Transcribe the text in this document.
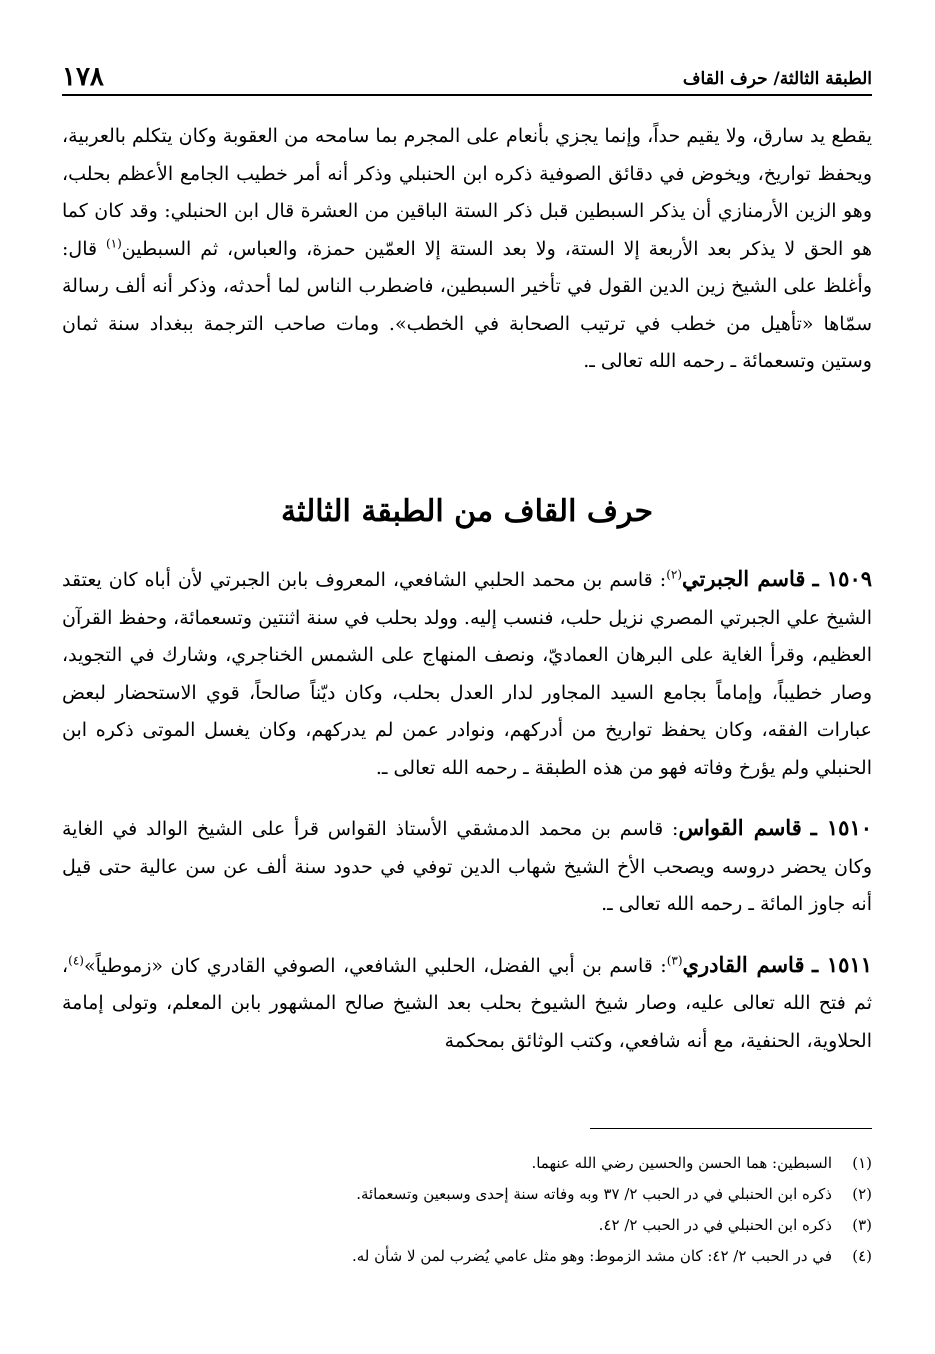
الطبقة الثالثة/ حرف القاف
١٧٨

يقطع يد سارق، ولا يقيم حداً، وإنما يجزي بأنعام على المجرم بما سامحه من العقوبة وكان يتكلم بالعربية، ويحفظ تواريخ، ويخوض في دقائق الصوفية ذكره ابن الحنبلي وذكر أنه أمر خطيب الجامع الأعظم بحلب، وهو الزين الأرمنازي أن يذكر السبطين قبل ذكر الستة الباقين من العشرة قال ابن الحنبلي: وقد كان كما هو الحق لا يذكر بعد الأربعة إلا الستة، ولا بعد الستة إلا العمّين حمزة، والعباس، ثم السبطين$^{(١)}$ قال: وأغلظ على الشيخ زين الدين القول في تأخير السبطين، فاضطرب الناس لما أحدثه، وذكر أنه ألف رسالة سمّاها «تأهيل من خطب في ترتيب الصحابة في الخطب». ومات صاحب الترجمة ببغداد سنة ثمان وستين وتسعمائة ـ رحمه الله تعالى ـ.

حرف القاف من الطبقة الثالثة

١٥٠٩ ـ قاسم الجبرتي$^{(٢)}$: قاسم بن محمد الحلبي الشافعي، المعروف بابن الجبرتي لأن أباه كان يعتقد الشيخ علي الجبرتي المصري نزيل حلب، فنسب إليه. وولد بحلب في سنة اثنتين وتسعمائة، وحفظ القرآن العظيم، وقرأ الغاية على البرهان العماديّ، ونصف المنهاج على الشمس الخناجري، وشارك في التجويد، وصار خطيباً، وإماماً بجامع السيد المجاور لدار العدل بحلب، وكان ديّناً صالحاً، قوي الاستحضار لبعض عبارات الفقه، وكان يحفظ تواريخ من أدركهم، ونوادر عمن لم يدركهم، وكان يغسل الموتى ذكره ابن الحنبلي ولم يؤرخ وفاته فهو من هذه الطبقة ـ رحمه الله تعالى ـ.

١٥١٠ ـ قاسم القواس: قاسم بن محمد الدمشقي الأستاذ القواس قرأ على الشيخ الوالد في الغاية وكان يحضر دروسه ويصحب الأخ الشيخ شهاب الدين توفي في حدود سنة ألف عن سن عالية حتى قيل أنه جاوز المائة ـ رحمه الله تعالى ـ.

١٥١١ ـ قاسم القادري$^{(٣)}$: قاسم بن أبي الفضل، الحلبي الشافعي، الصوفي القادري كان «زموطياً»$^{(٤)}$، ثم فتح الله تعالى عليه، وصار شيخ الشيوخ بحلب بعد الشيخ صالح المشهور بابن المعلم، وتولى إمامة الحلاوية، الحنفية، مع أنه شافعي، وكتب الوثائق بمحكمة

(١)
السبطين: هما الحسن والحسين رضي الله عنهما.
(٢)
ذكره ابن الحنبلي في در الحبب ٢/ ٣٧ وبه وفاته سنة إحدى وسبعين وتسعمائة.
(٣)
ذكره ابن الحنبلي في در الحبب ٢/ ٤٢.
(٤)
في در الحبب ٢/ ٤٢: كان مشد الزموط: وهو مثل عامي يُضرب لمن لا شأن له.
